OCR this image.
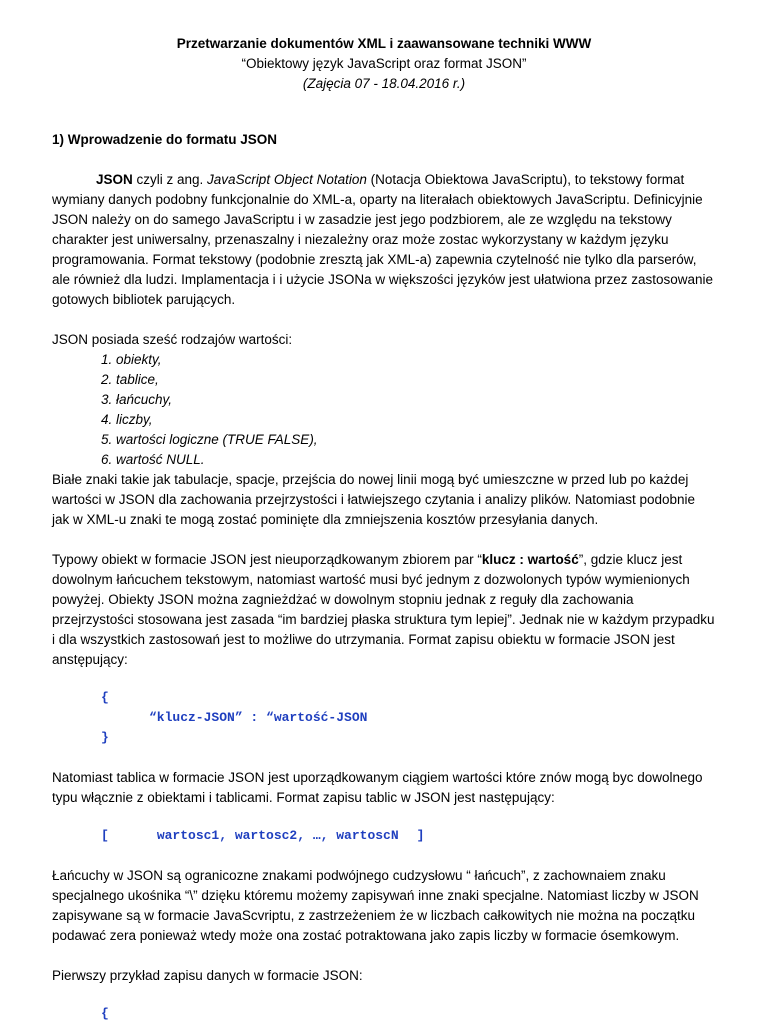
Przetwarzanie dokumentów XML i zaawansowane techniki WWW
“Obiektowy język JavaScript oraz format JSON”
(Zajęcia 07 - 18.04.2016 r.)
1) Wprowadzenie do formatu JSON

JSON czyli z ang. JavaScript Object Notation (Notacja Obiektowa JavaScriptu), to tekstowy format wymiany danych podobny funkcjonalnie do XML-a, oparty na literałach obiektowych JavaScriptu. Definicyjnie JSON należy on do samego JavaScriptu i w zasadzie jest jego podzbiorem, ale ze względu na tekstowy charakter jest uniwersalny, przenaszalny i niezależny oraz może zostac wykorzystany w każdym języku programowania. Format tekstowy (podobnie zresztą jak XML-a) zapewnia czytelność nie tylko dla parserów, ale również dla ludzi. Implamentacja i i użycie JSONa w większości języków jest ułatwiona przez zastosowanie gotowych bibliotek parujących.

JSON posiada sześć rodzajów wartości:

1. obiekty,
2. tablice,
3. łańcuchy,
4. liczby,
5. wartości logiczne (TRUE FALSE),
6. wartość NULL.

Białe znaki takie jak tabulacje, spacje, przejścia do nowej linii mogą być umieszczne w przed lub po każdej wartości w JSON dla zachowania przejrzystości i łatwiejszego czytania i analizy plików. Natomiast podobnie jak w XML-u znaki te mogą zostać pominięte dla zmniejszenia kosztów przesyłania danych.

Typowy obiekt w formacie JSON jest nieuporządkowanym zbiorem par “klucz : wartość”, gdzie klucz jest dowolnym łańcuchem tekstowym, natomiast wartość musi być jednym z dozwolonych typów wymienionych powyżej. Obiekty JSON można zagnieżdżać w dowolnym stopniu jednak z reguły dla zachowania przejrzystości stosowana jest zasada “im bardziej płaska struktura tym lepiej”. Jednak nie w każdym przypadku i dla wszystkich zastosowań jest to możliwe do utrzymania. Format zapisu obiektu w formacie JSON jest anstępujący:

{
“klucz-JSON” : “wartość-JSON
}

Natomiast tablica w formacie JSON jest uporządkowanym ciągiem wartości które znów mogą byc dowolnego typu włącznie z obiektami i tablicami. Format zapisu tablic w JSON jest następujący:

[	wartosc1, wartosc2, …, wartoscN ]

Łańcuchy w JSON są ogranicozne znakami podwójnego cudzysłowu “ łańcuch”, z zachownaiem znaku specjalnego ukośnika “\” dzięku któremu możemy zapisywań inne znaki specjalne. Natomiast liczby w JSON zapisywane są w formacie JavaScvriptu, z zastrzeżeniem że w liczbach całkowitych nie można na początku podawać zera ponieważ wtedy może ona zostać potraktowana jako zapis liczby w formacie ósemkowym.

Pierwszy przykład zapisu danych w formacie JSON:

{
